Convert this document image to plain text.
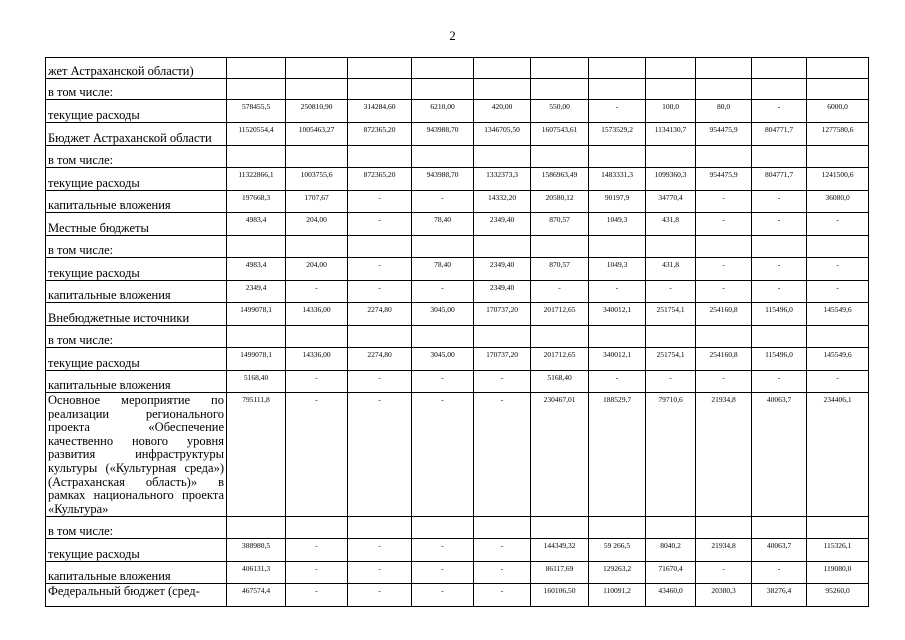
2
жет Астраханской области)											
в том числе:											
текущие расходы	578455,5	250810,90	314284,60	6210,00	420,00	550,00	-	100,0	80,0	-	6000,0
Бюджет Астраханской области	11520554,4	1005463,27	872365,20	943988,70	1346705,50	1607543,61	1573529,2	1134130,7	954475,9	804771,7	1277580,6
в том числе:											
текущие расходы	11322866,1	1003755,6	872365,20	943988,70	1332373,3	1586963,49	1483331,3	1099360,3	954475,9	804771,7	1241500,6
капитальные вложения	197668,3	1707,67	-	-	14332,20	20580,12	90197,9	34770,4	-	-	36080,0
Местные бюджеты	4983,4	204,00	-	78,40	2349,40	870,57	1049,3	431,8	-	-	-
в том числе:											
текущие расходы	4983,4	204,00	-	78,40	2349,40	870,57	1049,3	431,8	-	-	-
капитальные вложения	2349,4	-	-	-	2349,40	-	-	-	-	-	-
Внебюджетные источники	1499078,1	14336,00	2274,80	3045,00	170737,20	201712,65	340012,1	251754,1	254160,8	115496,0	145549,6
в том числе:											
текущие расходы	1499078,1	14336,00	2274,80	3045,00	170737,20	201712,65	340012,1	251754,1	254160,8	115496,0	145549,6
капитальные вложения	5168,40	-	-	-	-	5168,40	-	-	-	-	-
Основное мероприятие по реализации регионального проекта «Обеспечение качественно нового уровня развития инфраструктуры культуры («Культурная среда») (Астраханская область)» в рамках национального проекта «Культура»	795111,8	-	-	-	-	230467,01	188529,7	79710,6	21934,8	40063,7	234406,1
в том числе:											
текущие расходы	388980,5	-	-	-	-	144349,32	59 266,5	8040,2	21934,8	40063,7	115326,1
капитальные вложения	406131,3	-	-	-	-	86117,69	129263,2	71670,4	-	-	119080,0
Федеральный бюджет (сред-	467574,4	-	-	-	-	160106,50	110091,2	43460,0	20380,3	38276,4	95260,0
